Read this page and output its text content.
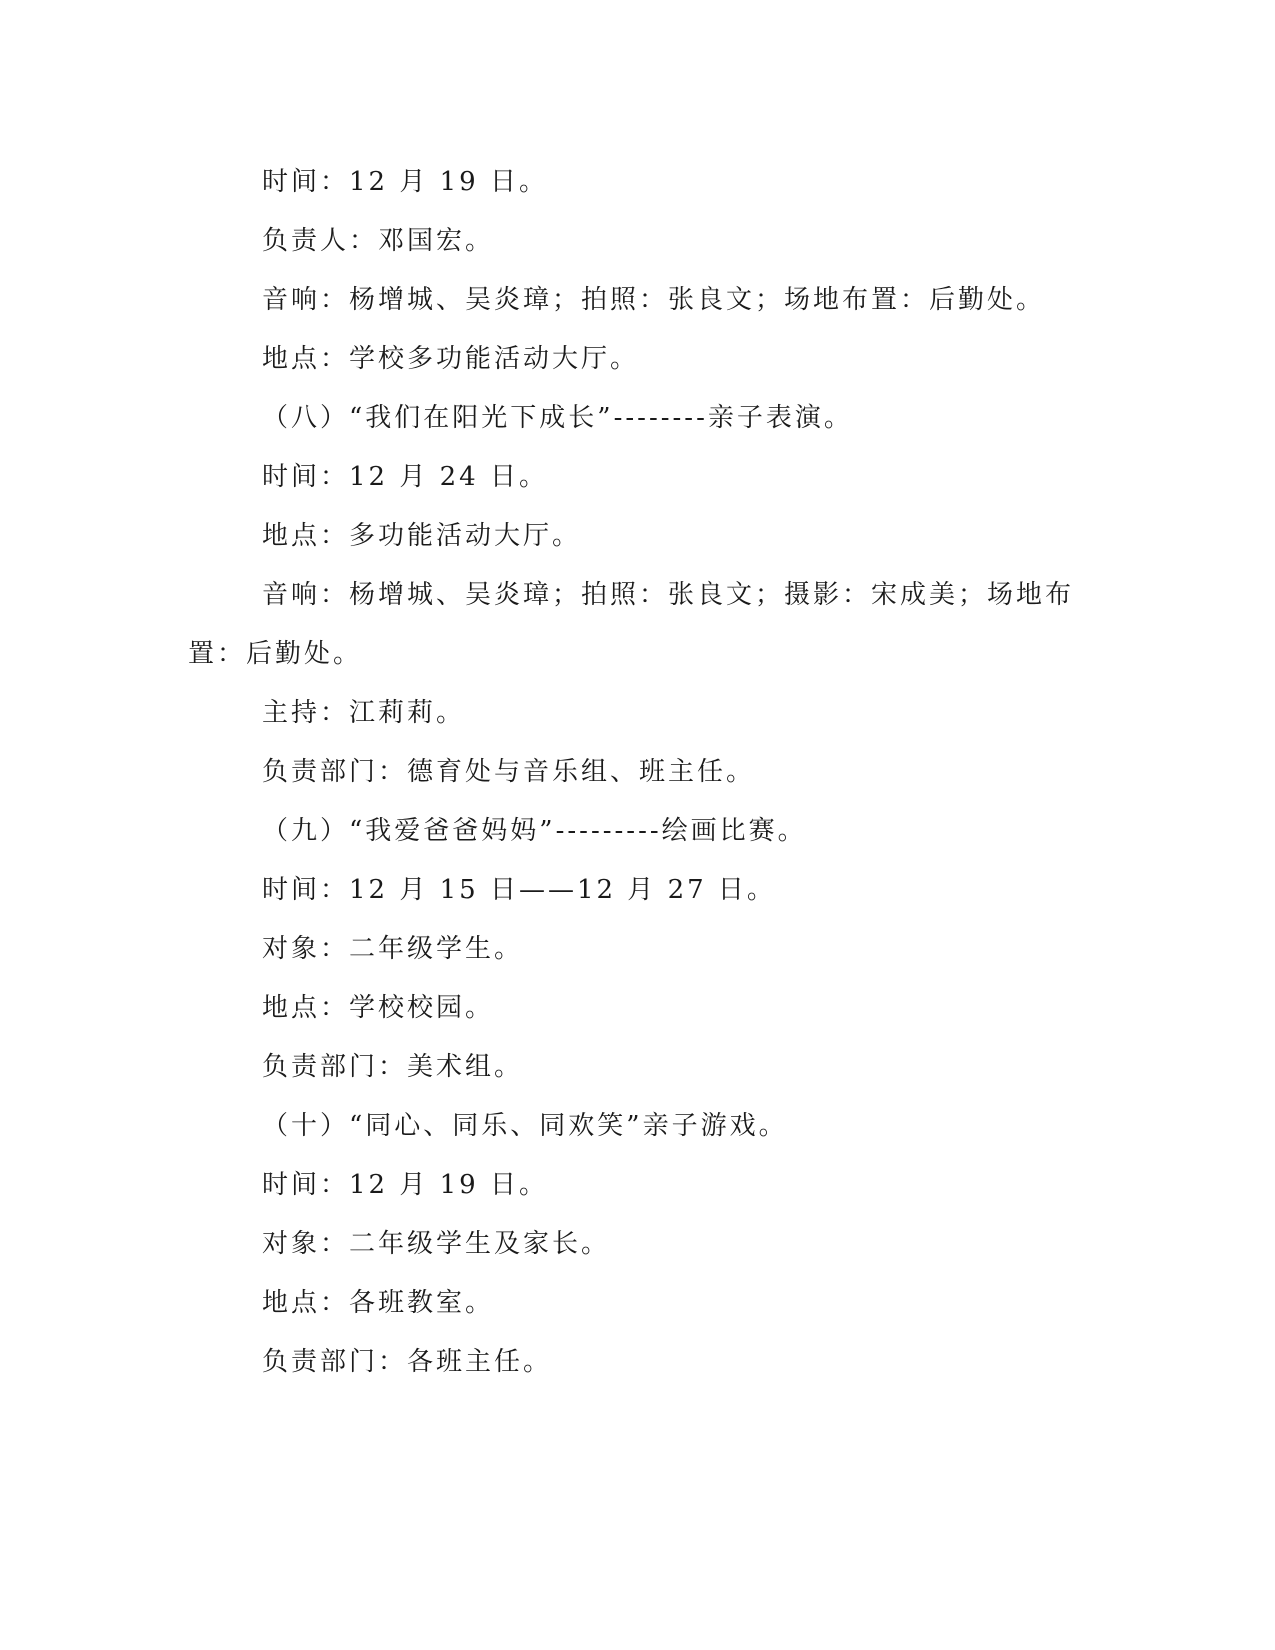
时间：12 月 19 日。
负责人：邓国宏。
音响：杨增城、吴炎璋；拍照：张良文；场地布置：后勤处。
地点：学校多功能活动大厅。
（八）“我们在阳光下成长”--------亲子表演。
时间：12 月 24 日。
地点：多功能活动大厅。
音响：杨增城、吴炎璋；拍照：张良文；摄影：宋成美；场地布
置：后勤处。
主持：江莉莉。
负责部门：德育处与音乐组、班主任。
（九）“我爱爸爸妈妈”---------绘画比赛。
时间：12 月 15 日——12 月 27 日。
对象：二年级学生。
地点：学校校园。
负责部门：美术组。
（十）“同心、同乐、同欢笑”亲子游戏。
时间：12 月 19 日。
对象：二年级学生及家长。
地点：各班教室。
负责部门：各班主任。
